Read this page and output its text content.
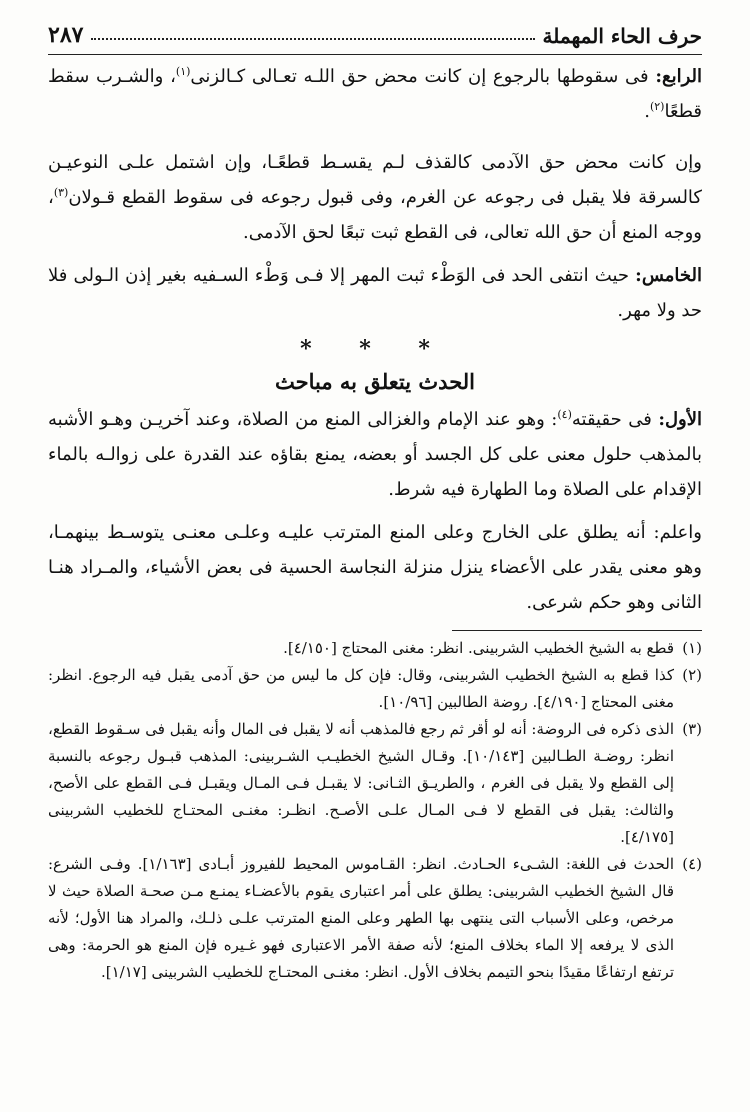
حرف الحاء المهملة
٢٨٧

الرابع: فى سقوطها بالرجوع إن كانت محض حق اللـه تعـالى كـالزنى$^{(١)}$، والشـرب سقط قطعًا$^{(٢)}$.

وإن كانت محض حق الآدمى كالقذف لـم يقسـط قطعًـا، وإن اشتمل علـى النوعيـن كالسرقة فلا يقبل فى رجوعه عن الغرم، وفى قبول رجوعه فى سقوط القطع قـولان$^{(٣)}$، ووجه المنع أن حق الله تعالى، فى القطع ثبت تبعًا لحق الآدمى.

الخامس: حيث انتفى الحد فى الوَطْء ثبت المهر إلا فـى وَطْء السـفيه بغير إذن الـولى فلا حد ولا مهر.

* * *
الحدث يتعلق به مباحث

الأول: فى حقيقته$^{(٤)}$: وهو عند الإمام والغزالى المنع من الصلاة، وعند آخريـن وهـو الأشبه بالمذهب حلول معنى على كل الجسد أو بعضه، يمنع بقاؤه عند القدرة على زوالـه بالماء الإقدام على الصلاة وما الطهارة فيه شرط.

واعلم: أنه يطلق على الخارج وعلى المنع المترتب عليـه وعلـى معنـى يتوسـط بينهمـا، وهو معنى يقدر على الأعضاء ينزل منزلة النجاسة الحسية فى بعض الأشياء، والمـراد هنـا الثانى وهو حكم شرعى.

(١)
قطع به الشيخ الخطيب الشربينى. انظر: مغنى المحتاج [٤/١٥٠].
(٢)
كذا قطع به الشيخ الخطيب الشربينى، وقال: فإن كل ما ليس من حق آدمى يقبل فيه الرجوع. انظر: مغنى المحتاج [٤/١٩٠]. روضة الطالبين [١٠/٩٦].
(٣)
الذى ذكره فى الروضة: أنه لو أقر ثم رجع فالمذهب أنه لا يقبل فى المال وأنه يقبل فى سـقوط القطع، انظر: روضـة الطـالبين [١٠/١٤٣]. وقـال الشيخ الخطيـب الشـربينى: المذهب قبـول رجوعه بالنسبة إلى القطع ولا يقبل فى الغرم ، والطريـق الثـانى: لا يقبـل فـى المـال ويقبـل فـى القطع على الأصح، والثالث: يقبل فى القطع لا فـى المـال علـى الأصـح. انظـر: مغنـى المحتـاج للخطيب الشربينى [٤/١٧٥].
(٤)
الحدث فى اللغة: الشـىء الحـادث. انظر: القـاموس المحيط للفيروز أبـادى [١/١٦٣]. وفـى الشرع: قال الشيخ الخطيب الشربينى: يطلق على أمر اعتبارى يقوم بالأعضـاء يمنـع مـن صحـة الصلاة حيث لا مرخص، وعلى الأسباب التى ينتهى بها الطهر وعلى المنع المترتب علـى ذلـك، والمراد هنا الأول؛ لأنه الذى لا يرفعه إلا الماء بخلاف المنع؛ لأنه صفة الأمر الاعتبارى فهو غـيره فإن المنع هو الحرمة: وهى ترتفع ارتفاعًا مقيدًا بنحو التيمم بخلاف الأول. انظر: مغنـى المحتـاج للخطيب الشربينى [١/١٧].
